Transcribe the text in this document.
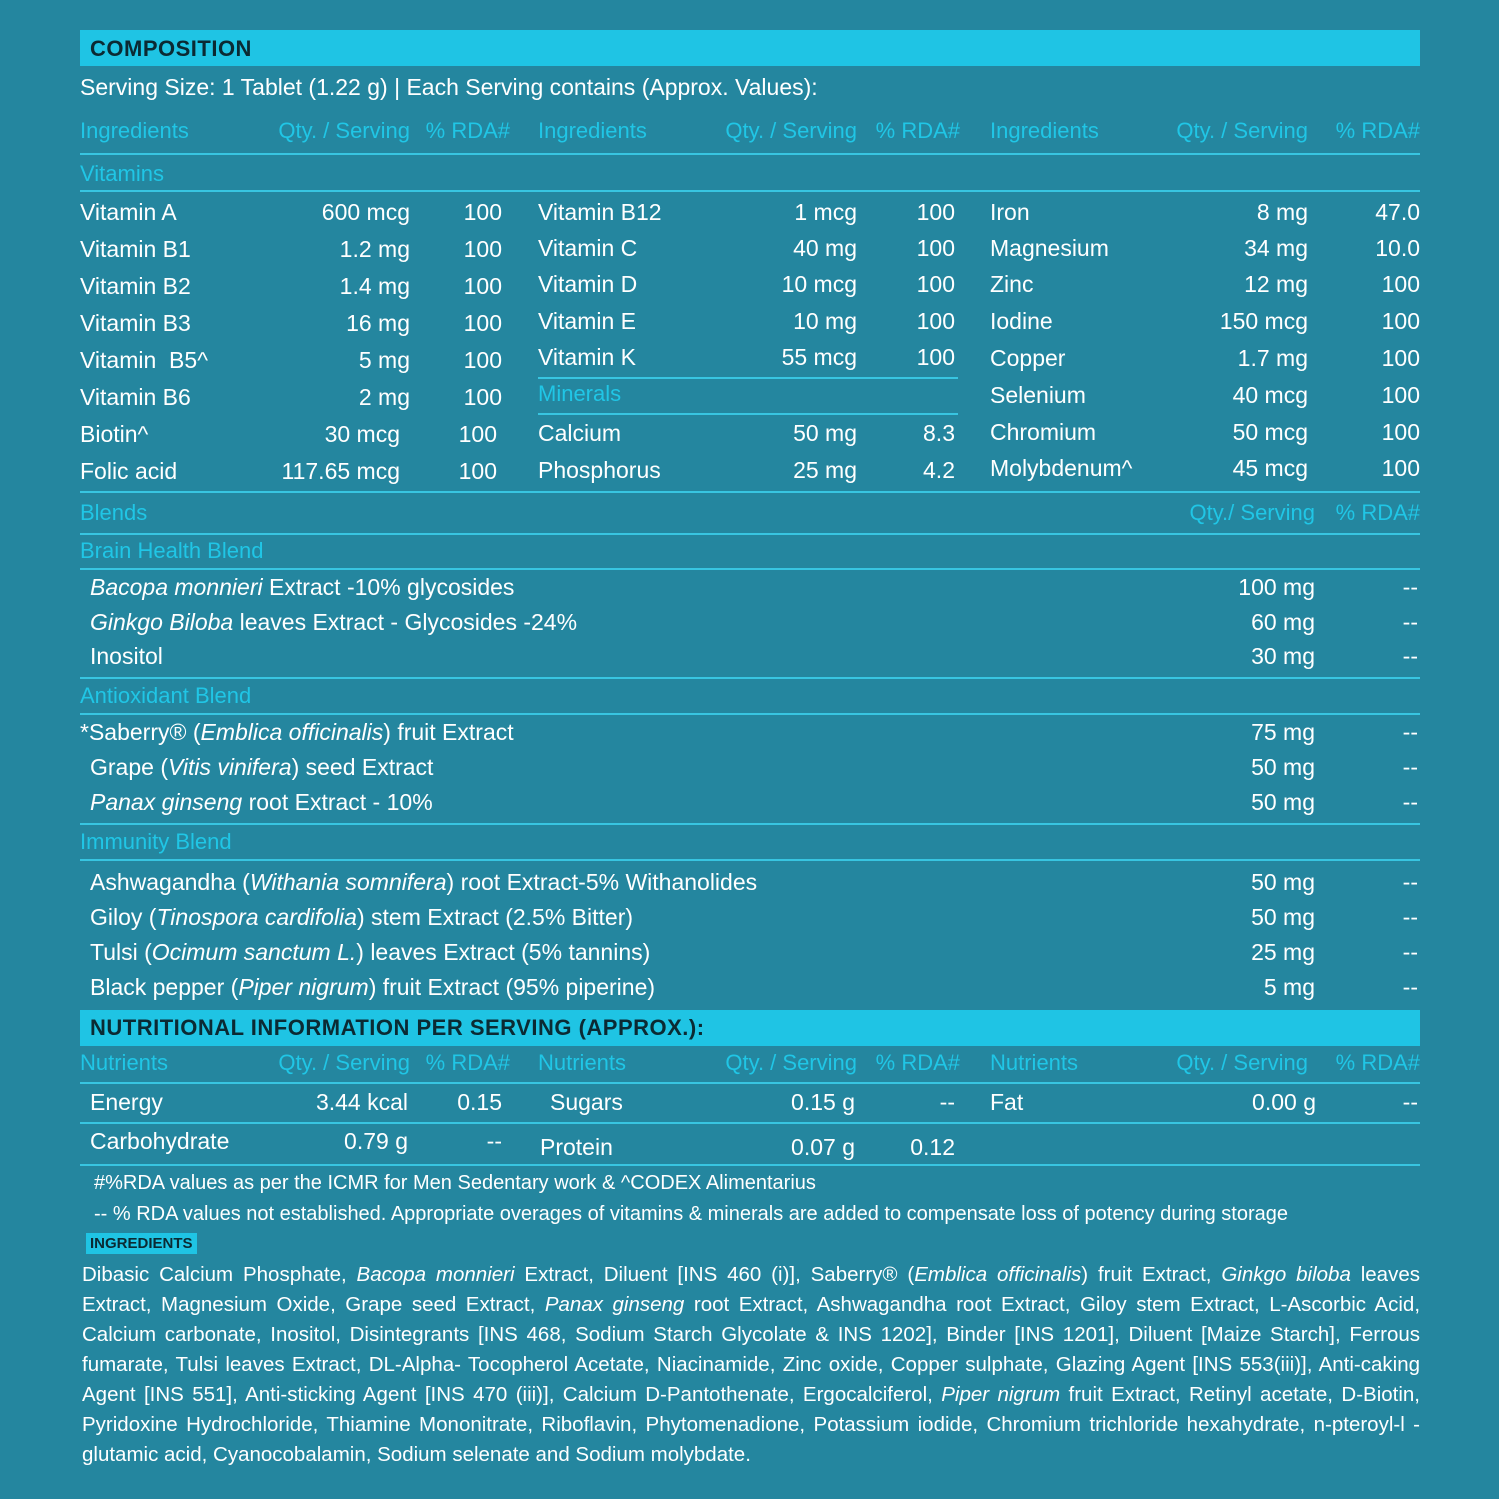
COMPOSITION
Serving Size: 1 Tablet (1.22 g) | Each Serving contains (Approx. Values):
Ingredients	Qty. / Serving % RDA# Ingredients	Qty. / Serving % RDA# Ingredients	Qty. / Serving % RDA#
Vitamins
Vitamin A	600 mcg	100
Vitamin B1	1.2 mg	100
Vitamin B2	1.4 mg	100
Vitamin B3	16 mg	100
Vitamin  B5^	5 mg	100
Vitamin B6	2 mg	100
Biotin^	30 mcg	100
Folic acid	117.65 mcg	100
Vitamin B12	1 mcg	100
Vitamin C	40 mg	100
Vitamin D	10 mcg	100
Vitamin E	10 mg	100
Vitamin K	55 mcg	100
Minerals
Calcium	50 mg	8.3
Phosphorus	25 mg	4.2
Iron	8 mg	47.0
Magnesium	34 mg	10.0
Zinc	12 mg	100
Iodine	150 mcg	100
Copper	1.7 mg	100
Selenium	40 mcg	100
Chromium	50 mcg	100
Molybdenum^	45 mcg	100
Blends	Qty./ Serving % RDA#
Brain Health Blend
Bacopa monnieri Extract -10% glycosides	100 mg	--
Ginkgo Biloba leaves Extract - Glycosides -24%	60 mg	--
Inositol	30 mg	--
Antioxidant Blend
*Saberry® (Emblica officinalis) fruit Extract	75 mg	--
Grape (Vitis vinifera) seed Extract	50 mg	--
Panax ginseng root Extract - 10%	50 mg	--
Immunity Blend
Ashwagandha (Withania somnifera) root Extract-5% Withanolides	50 mg	--
Giloy (Tinospora cardifolia) stem Extract (2.5% Bitter)	50 mg	--
Tulsi (Ocimum sanctum L.) leaves Extract (5% tannins)	25 mg	--
Black pepper (Piper nigrum) fruit Extract (95% piperine)	5 mg	--
NUTRITIONAL INFORMATION PER SERVING (APPROX.):
Nutrients	Qty. / Serving % RDA# Nutrients	Qty. / Serving % RDA# Nutrients	Qty. / Serving % RDA#
Energy	3.44 kcal	0.15 Sugars	0.15 g	-- Fat	0.00 g	--
Carbohydrate	0.79 g	-- Protein	0.07 g	0.12
#%RDA values as per the ICMR for Men Sedentary work & ^CODEX Alimentarius
-- % RDA values not established. Appropriate overages of vitamins & minerals are added to compensate loss of potency during storage
INGREDIENTS
Dibasic Calcium Phosphate, Bacopa monnieri Extract, Diluent [INS 460 (i)], Saberry® (Emblica officinalis) fruit Extract, Ginkgo biloba leaves Extract, Magnesium Oxide, Grape seed Extract, Panax ginseng root Extract, Ashwagandha root Extract, Giloy stem Extract, L-Ascorbic Acid, Calcium carbonate, Inositol, Disintegrants [INS 468, Sodium Starch Glycolate & INS 1202], Binder [INS 1201], Diluent [Maize Starch], Ferrous fumarate, Tulsi leaves Extract, DL-Alpha- Tocopherol Acetate, Niacinamide, Zinc oxide, Copper sulphate, Glazing Agent [INS 553(iii)], Anti-caking Agent [INS 551], Anti-sticking Agent [INS 470 (iii)], Calcium D-Pantothenate, Ergocalciferol, Piper nigrum fruit Extract, Retinyl acetate, D-Biotin, Pyridoxine Hydrochloride, Thiamine Mononitrate, Riboflavin, Phytomenadione, Potassium iodide, Chromium trichloride hexahydrate, n-pteroyl-l -glutamic acid, Cyanocobalamin, Sodium selenate and Sodium molybdate.
